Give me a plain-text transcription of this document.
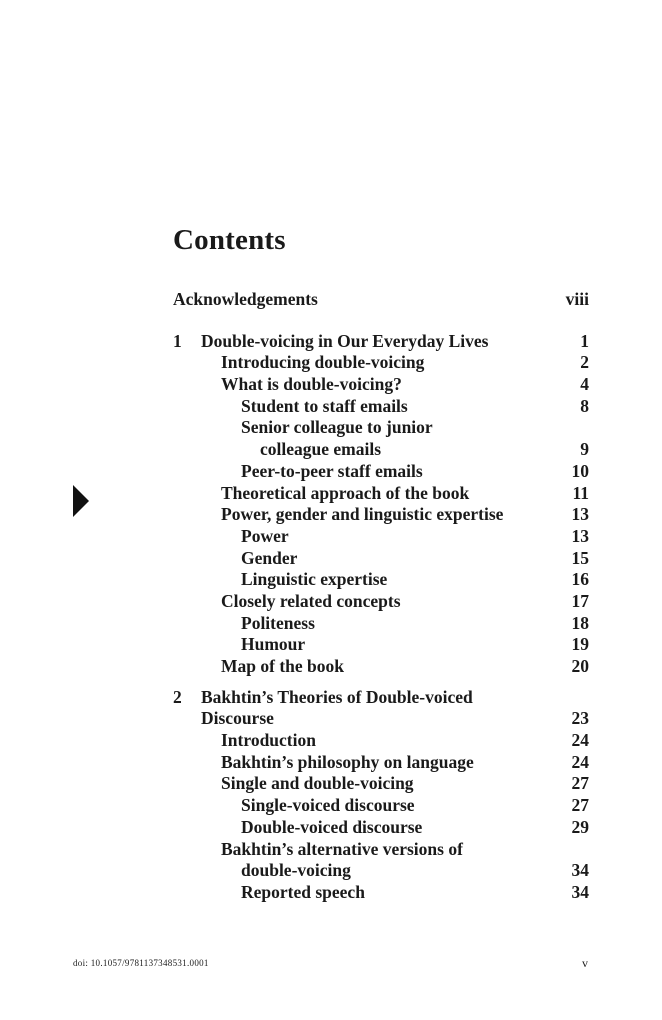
Contents
Acknowledgements	viii
1 Double-voicing in Our Everyday Lives	1
Introducing double-voicing	2
What is double-voicing?	4
Student to staff emails	8
Senior colleague to junior
colleague emails	9
Peer-to-peer staff emails	10
Theoretical approach of the book	11
Power, gender and linguistic expertise	13
Power	13
Gender	15
Linguistic expertise	16
Closely related concepts	17
Politeness	18
Humour	19
Map of the book	20
2 Bakhtin’s Theories of Double-voiced
Discourse	23
Introduction	24
Bakhtin’s philosophy on language	24
Single and double-voicing	27
Single-voiced discourse	27
Double-voiced discourse	29
Bakhtin’s alternative versions of
double-voicing	34
Reported speech	34
doi: 10.1057/9781137348531.0001	v
